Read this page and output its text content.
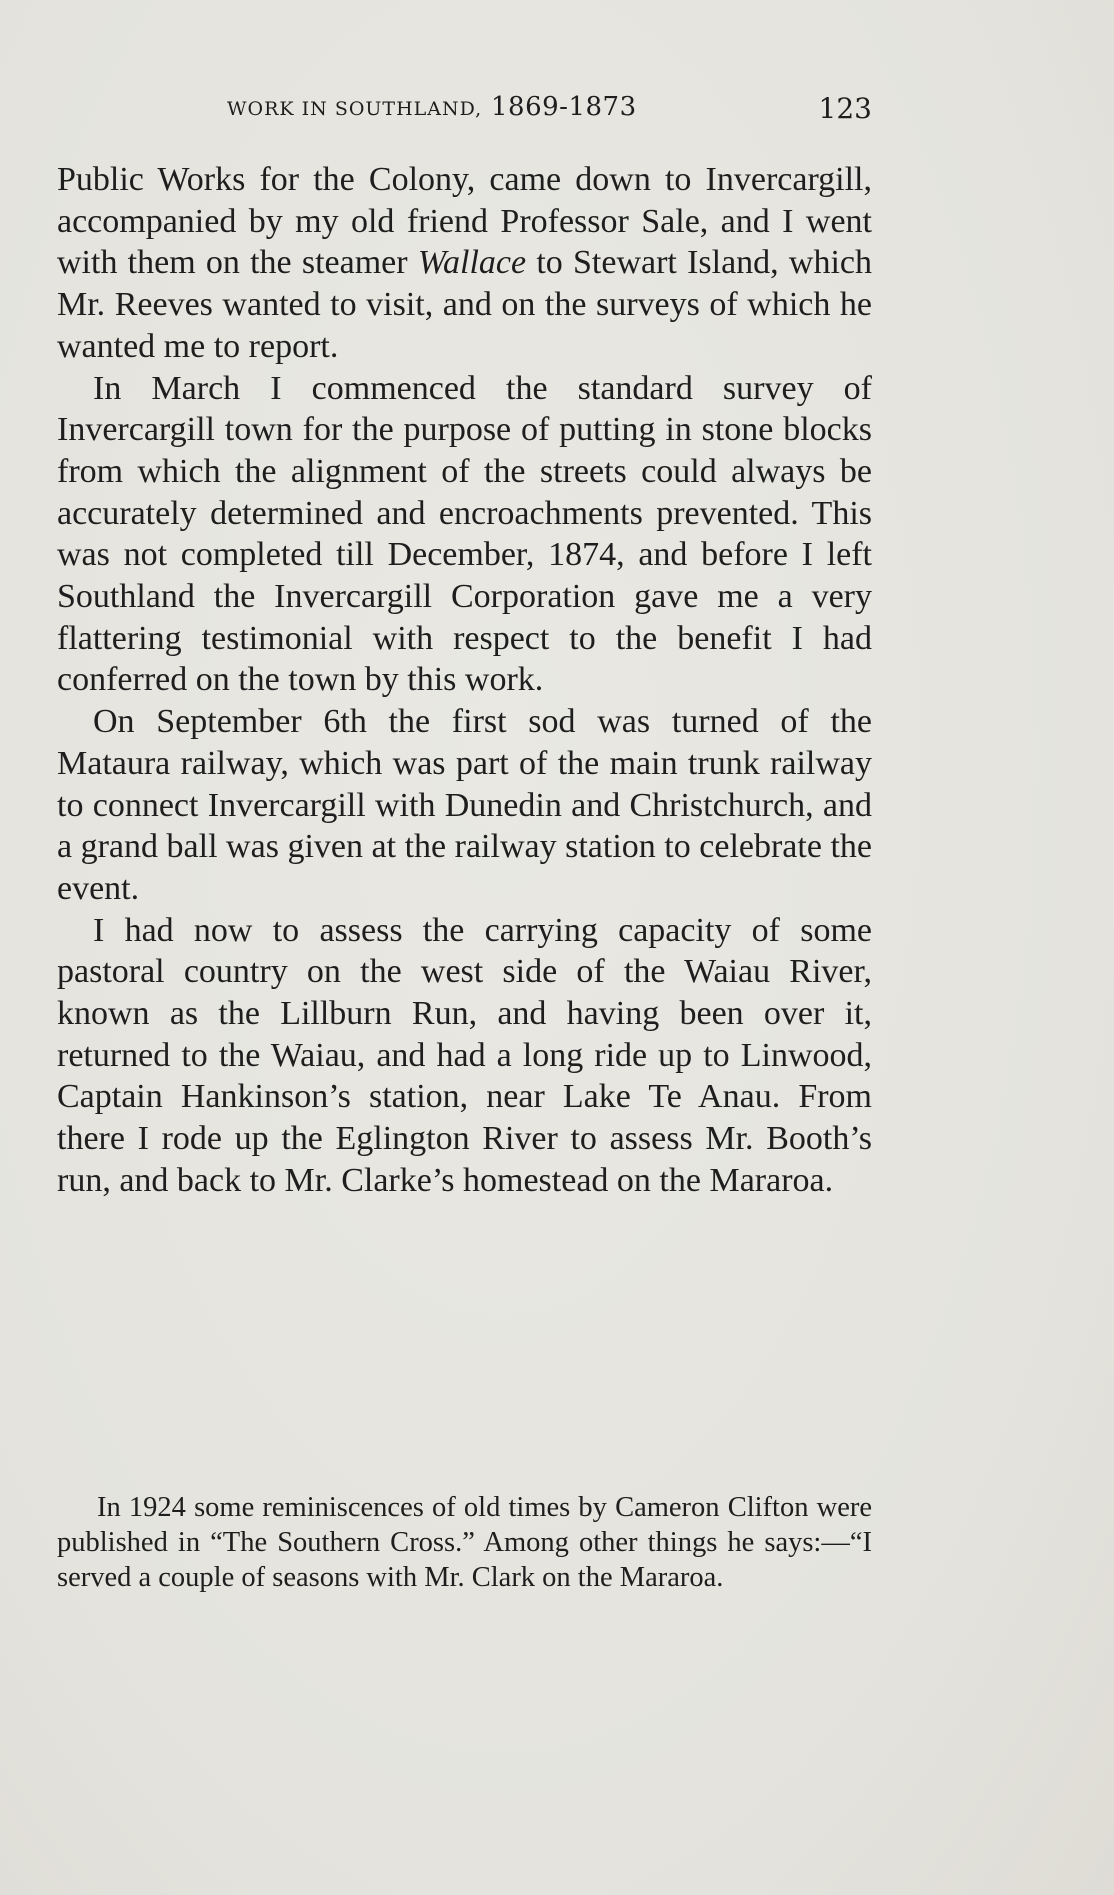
WORK IN SOUTHLAND, 1869-1873	123

Public Works for the Colony, came down to Invercargill, accompanied by my old friend Professor Sale, and I went with them on the steamer Wallace to Stewart Island, which Mr. Reeves wanted to visit, and on the surveys of which he wanted me to report.

In March I commenced the standard survey of Invercargill town for the purpose of putting in stone blocks from which the alignment of the streets could always be accurately determined and encroachments prevented. This was not completed till December, 1874, and before I left Southland the Invercargill Corporation gave me a very flattering testimonial with respect to the benefit I had conferred on the town by this work.

On September 6th the first sod was turned of the Mataura railway, which was part of the main trunk railway to connect Invercargill with Dunedin and Christchurch, and a grand ball was given at the railway station to celebrate the event.

I had now to assess the carrying capacity of some pastoral country on the west side of the Waiau River, known as the Lillburn Run, and having been over it, returned to the Waiau, and had a long ride up to Linwood, Captain Hankinson’s station, near Lake Te Anau. From there I rode up the Eglington River to assess Mr. Booth’s run, and back to Mr. Clarke’s homestead on the Mararoa.

In 1924 some reminiscences of old times by Cameron Clifton were published in “The Southern Cross.” Among other things he says:—“I served a couple of seasons with Mr. Clark on the Mararoa.
